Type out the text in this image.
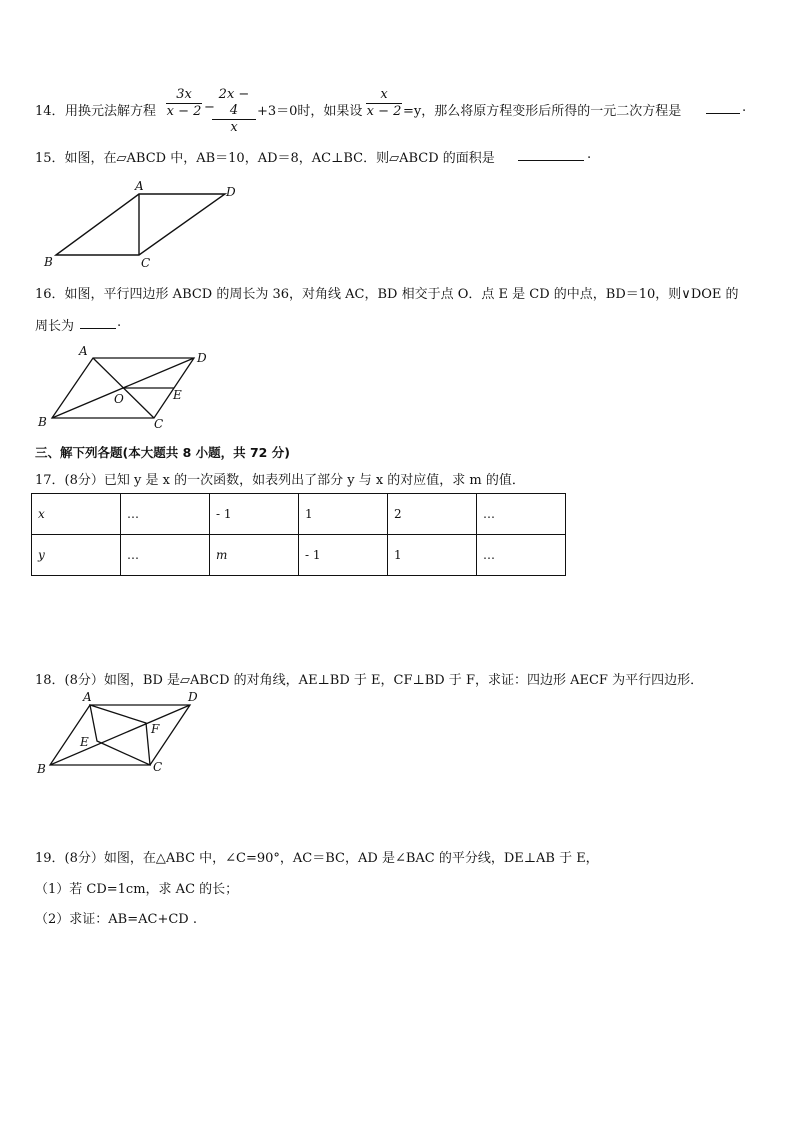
14． 用换元法解方程 $\frac{3x}{x - 2}$ −
$\frac{2x - 4}{x} +3=0$时，如果设 $\frac{x}{x - 2} =y$，那么将原方程变形后所得的一元二次方程是	.
15．如图，在▱ABCD 中，AB＝10，AD＝8，AC⊥BC．则▱ABCD 的面积是	.
A	D
B	C
16．如图，平行四边形 ABCD 的周长为 36，对角线 AC，BD 相交于点 O．点 E 是 CD 的中点，BD＝10，则∨DOE 的
周长为	.
A	D
B	C
O	E
三、解下列各题(本大题共 8 小题，共 72 分)
17．(8分）已知 y 是 x 的一次函数，如表列出了部分 y 与 x 的对应值，求 m 的值．
x	…	- 1	1	2	…
y	…	m	- 1	1	…
18．(8分）如图，BD 是▱ABCD 的对角线，AE⊥BD 于 E，CF⊥BD 于 F，求证：四边形 AECF 为平行四边形．
A	D
B	C
E
F
19．(8分）如图，在△ABC 中，∠C=90°，AC＝BC，AD 是∠BAC 的平分线，DE⊥AB 于 E，
（1）若 CD=1cm，求 AC 的长；
（2）求证：AB=AC+CD .
